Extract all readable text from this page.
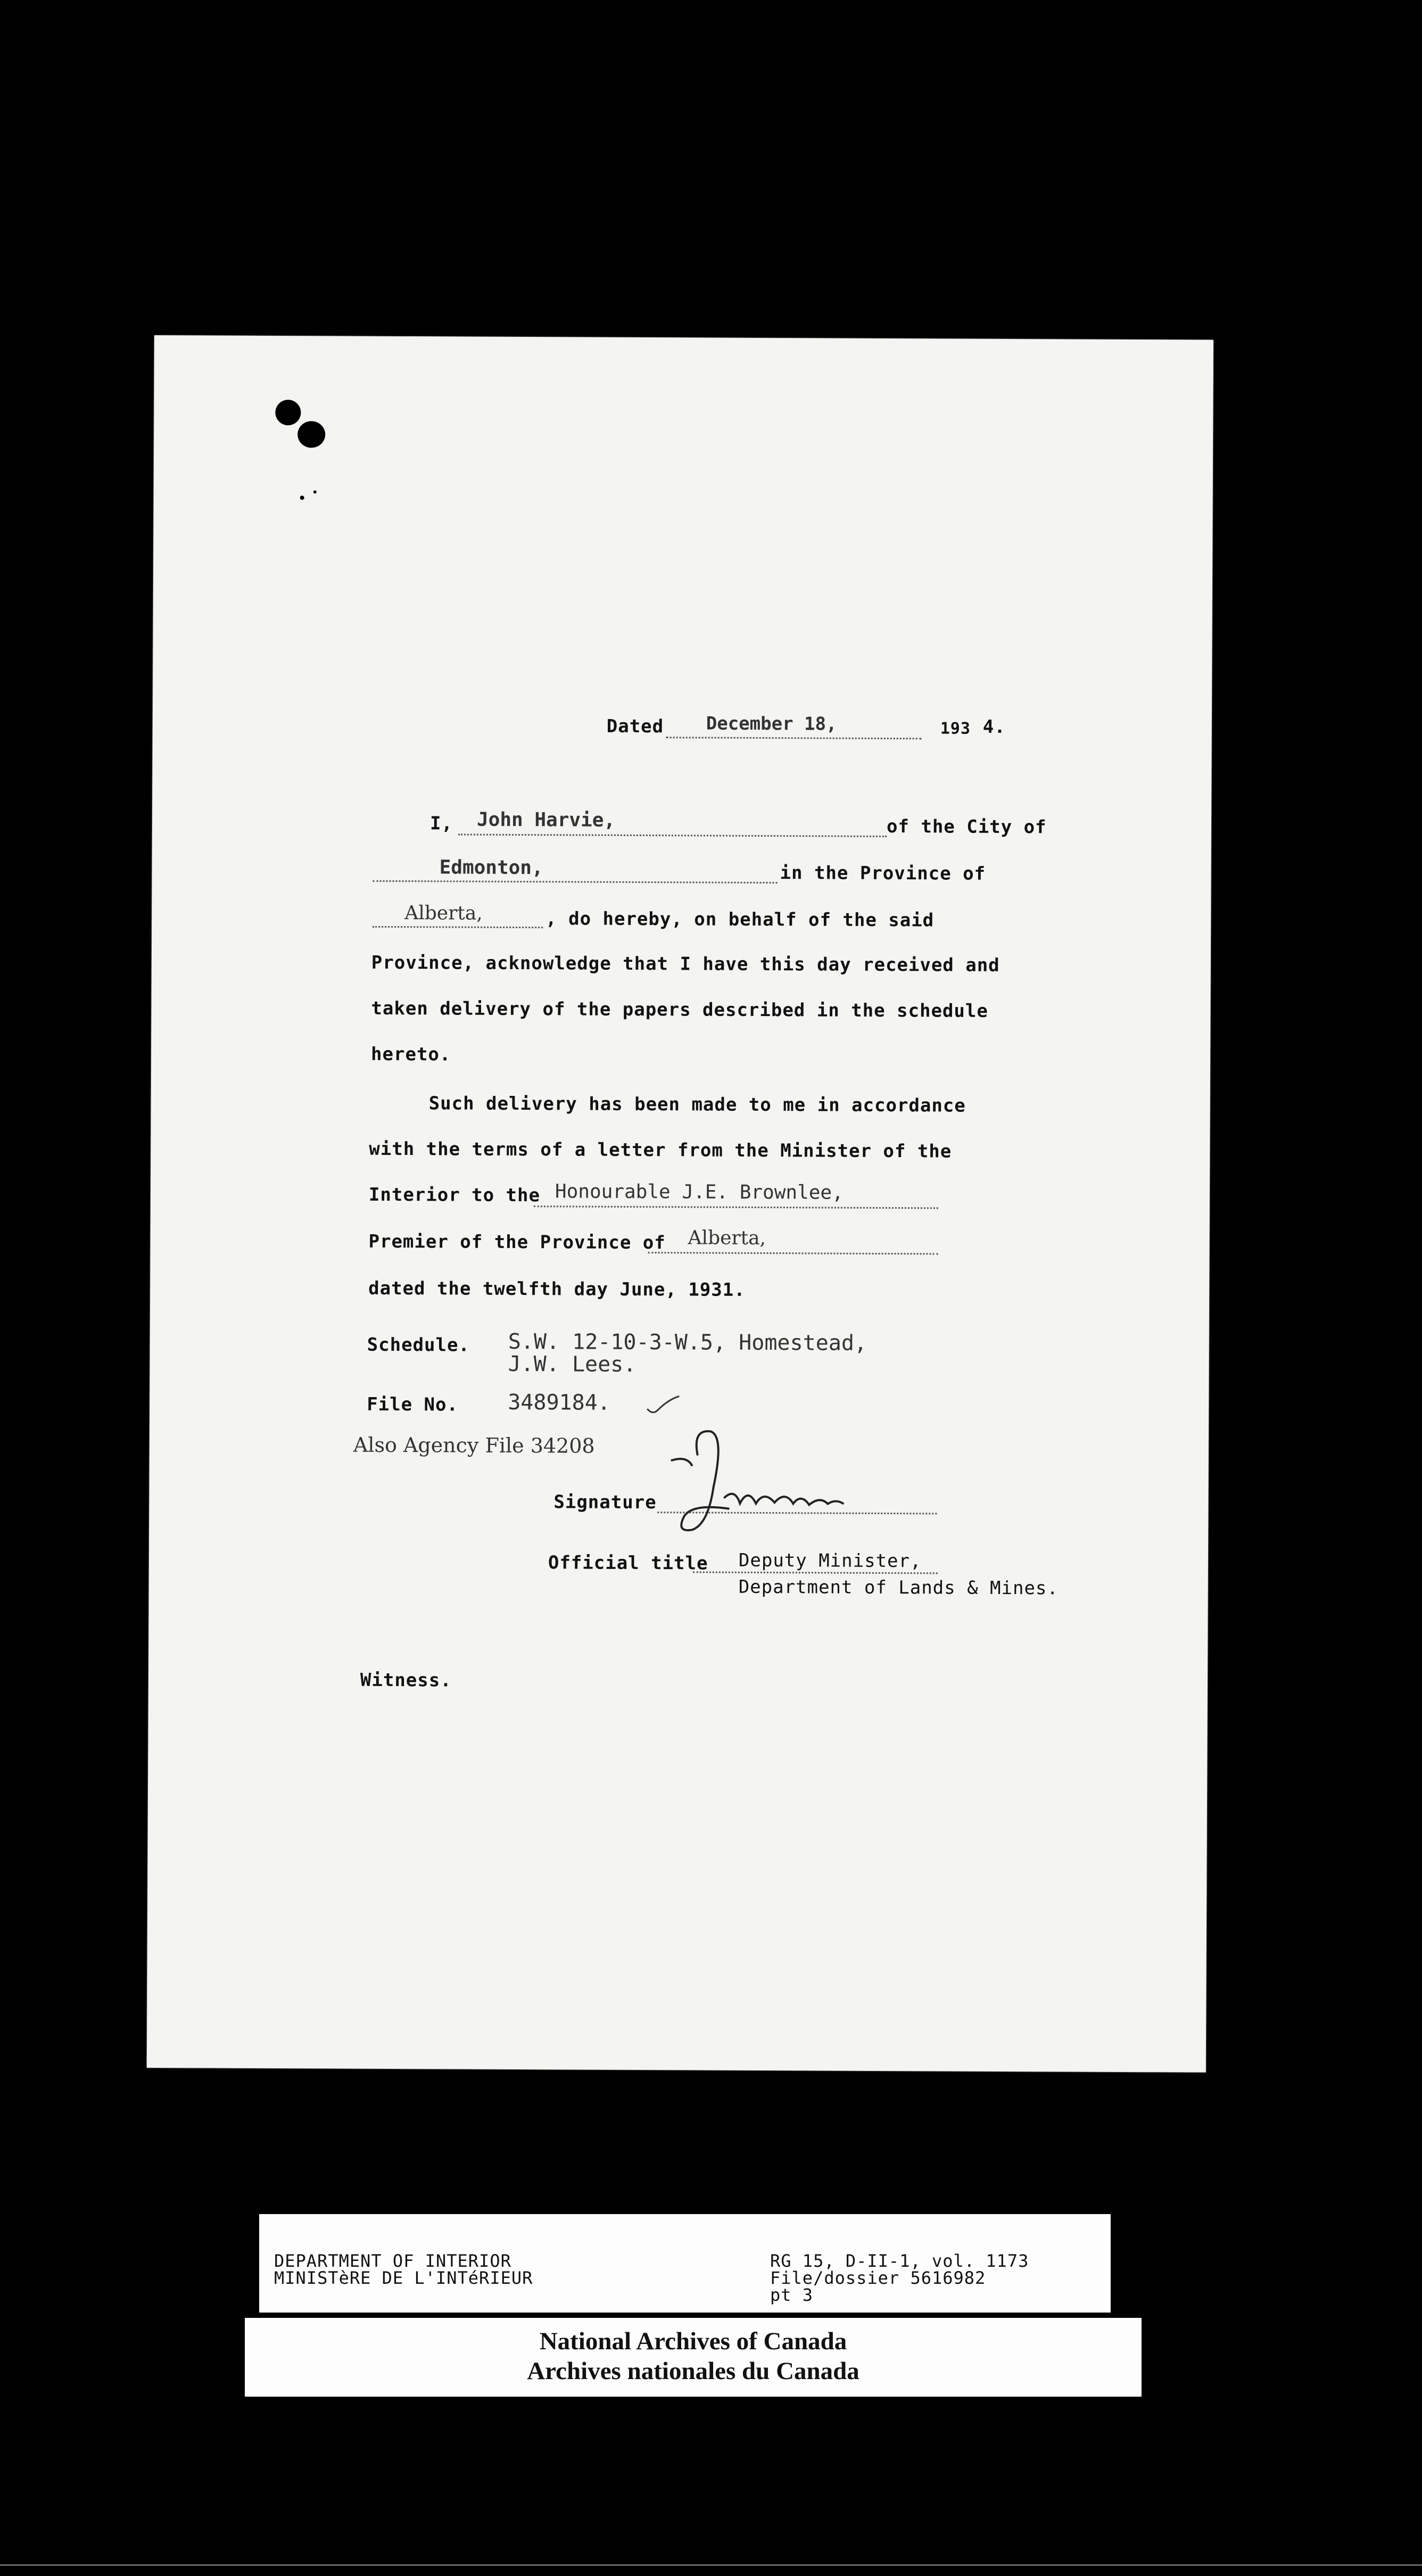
Dated December 18,	193 4.
I, John Harvie,	of the City of
Edmonton,	in the Province of
Alberta,	, do hereby, on behalf of the said
Province, acknowledge that I have this day received and
taken delivery of the papers described in the schedule
hereto.
Such delivery has been made to me in accordance
with the terms of a letter from the Minister of the
Interior to the Honourable J.E. Brownlee,
Premier of the Province of Alberta,
dated the twelfth day June, 1931.
Schedule. S.W. 12-10-3-W.5, Homestead,
J.W. Lees.
File No. 3489184.
Also Agency File 34208
Signature
Official title Deputy Minister,
Department of Lands & Mines.
Witness.
DEPARTMENT OF INTERIOR
MINISTèRE DE L'INTéRIEUR
RG 15, D-II-1, vol. 1173
File/dossier 5616982
pt 3
National Archives of Canada
Archives nationales du Canada
